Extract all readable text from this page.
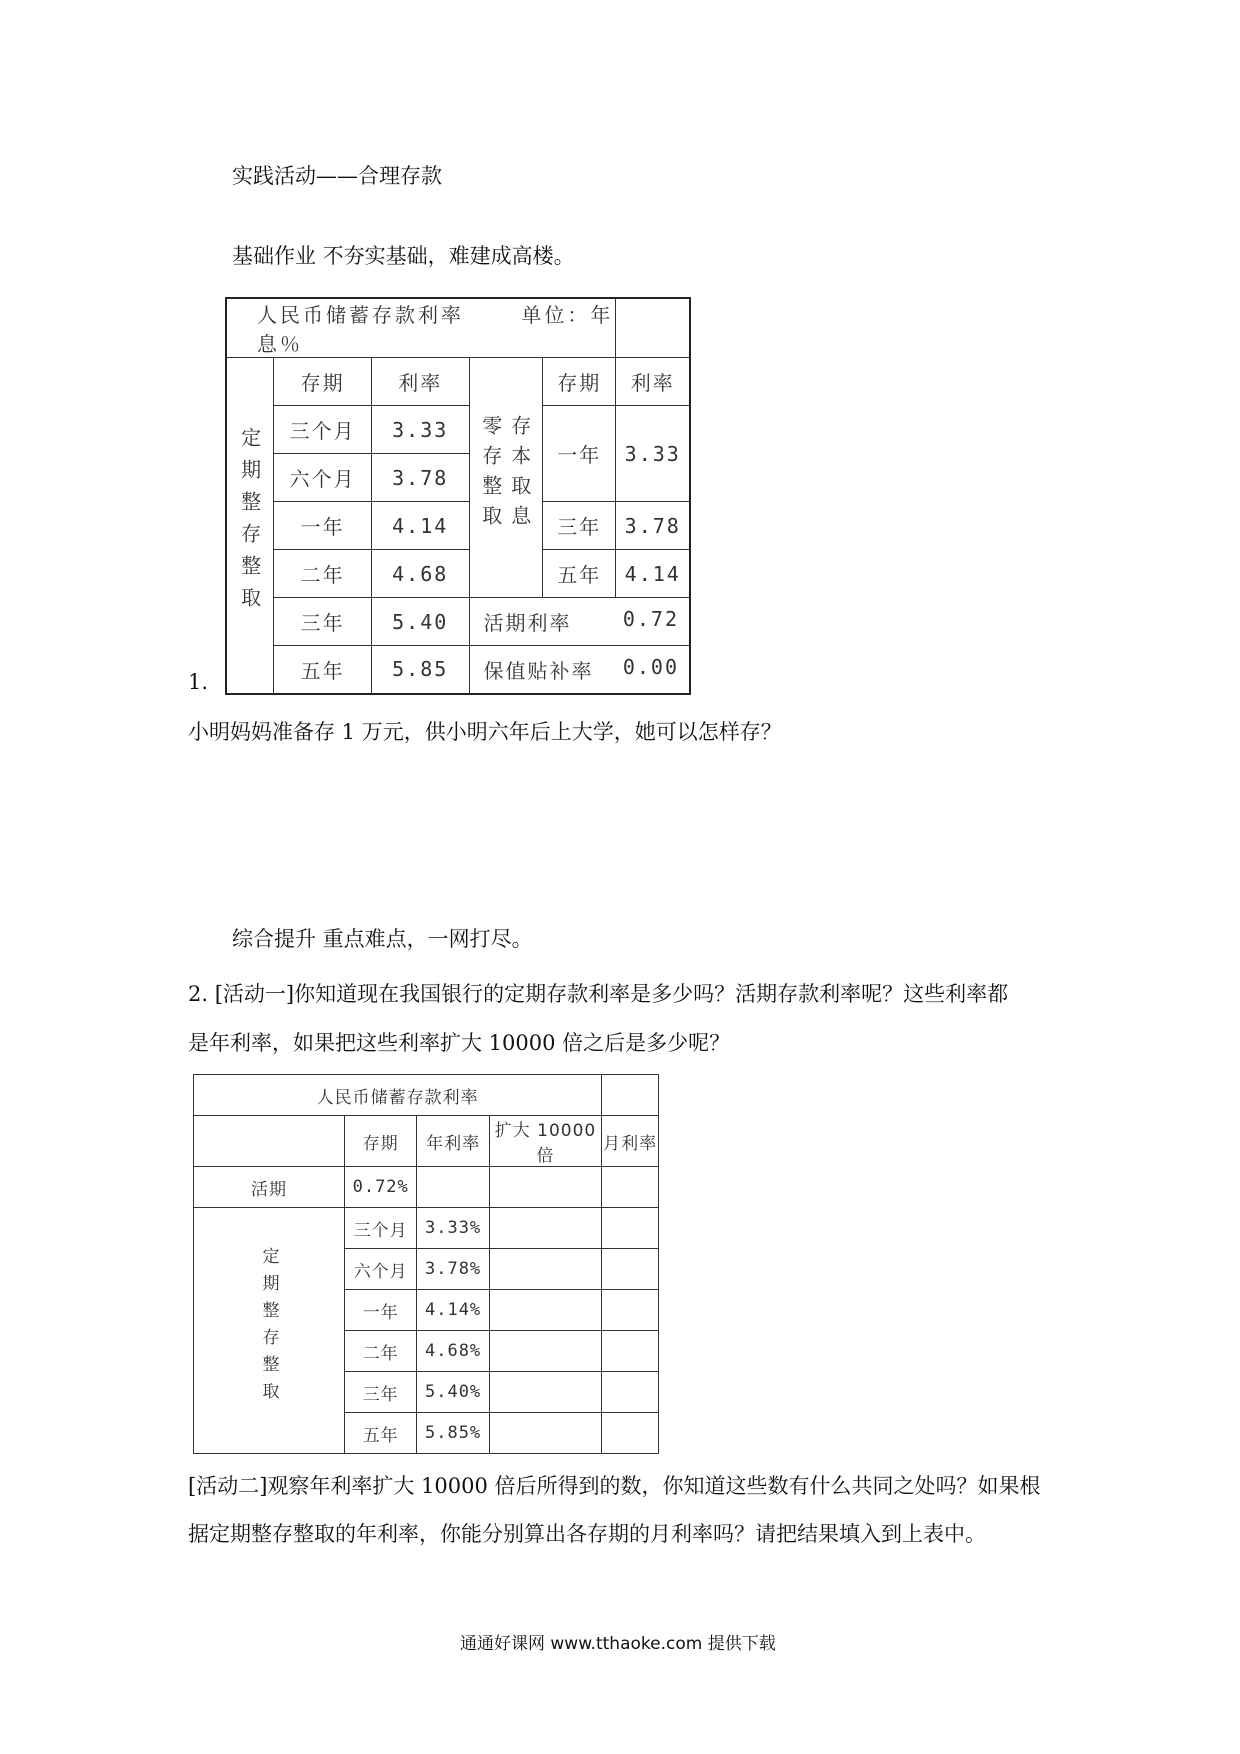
实践活动——合理存款
基础作业 不夯实基础，难建成高楼。
人民币储蓄存款利率 单位：年息％					
定期整存整取	存期	利率	零存整取 存本取息	存期	利率
	三个月	3.33		一年	3.33
	六个月	3.78			
	一年	4.14		三年	3.78
	二年	4.68		五年	4.14
	三年	5.40	活期利率 0.72		

	五年	5.85	保值贴补率 0.00		
1.
小明妈妈准备存 1 万元，供小明六年后上大学，她可以怎样存？
综合提升 重点难点，一网打尽。
2. [活动一]你知道现在我国银行的定期存款利率是多少吗？活期存款利率呢？这些利率都
是年利率，如果把这些利率扩大 10000 倍之后是多少呢？
人民币储蓄存款利率				
	存期	年利率	扩大 10000 倍	月利率
活期	0.72%			
定期整存整取	三个月	3.33%		
	六个月	3.78%		
	一年	4.14%		
	二年	4.68%		
	三年	5.40%		
	五年	5.85%		
[活动二]观察年利率扩大 10000 倍后所得到的数，你知道这些数有什么共同之处吗？如果根
据定期整存整取的年利率，你能分别算出各存期的月利率吗？请把结果填入到上表中。
通通好课网 www.tthaoke.com 提供下载
